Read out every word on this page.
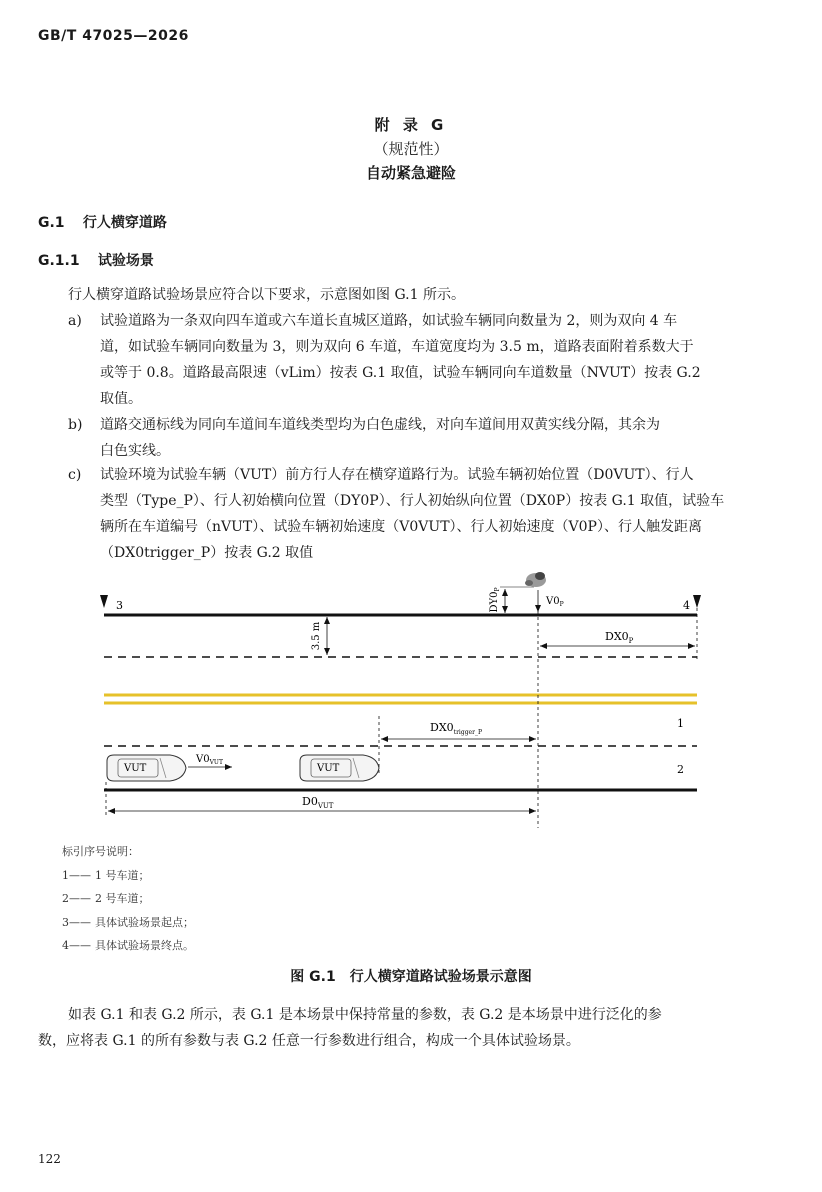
GB/T 47025—2026
附 录 G
（规范性）
自动紧急避险
G.1 行人横穿道路
G.1.1 试验场景
行人横穿道路试验场景应符合以下要求，示意图如图 G.1 所示。
a) 试验道路为一条双向四车道或六车道长直城区道路，如试验车辆同向数量为 2，则为双向 4 车
道，如试验车辆同向数量为 3，则为双向 6 车道，车道宽度均为 3.5 m，道路表面附着系数大于
或等于 0.8。道路最高限速（vLim）按表 G.1 取值，试验车辆同向车道数量（NVUT）按表 G.2
取值。
b) 道路交通标线为同向车道间车道线类型均为白色虚线，对向车道间用双黄实线分隔，其余为
白色实线。
c) 试验环境为试验车辆（VUT）前方行人存在横穿道路行为。试验车辆初始位置（D0VUT）、行人
类型（Type_P）、行人初始横向位置（DY0P）、行人初始纵向位置（DX0P）按表 G.1 取值，试验车
辆所在车道编号（nVUT）、试验车辆初始速度（V0VUT）、行人初始速度（V0P）、行人触发距离
（DX0trigger_P）按表 G.2 取值
3	4
3.5 m
$DY0_P$
$V0_P$
$DX0_P$
$DX0_{trigger\_P}$
1
2
VUT
$V0_{VUT}$
VUT
$D0_{VUT}$
标引序号说明：
1—— 1 号车道；
2—— 2 号车道；
3—— 具体试验场景起点；
4—— 具体试验场景终点。
图 G.1 行人横穿道路试验场景示意图
如表 G.1 和表 G.2 所示，表 G.1 是本场景中保持常量的参数，表 G.2 是本场景中进行泛化的参
数，应将表 G.1 的所有参数与表 G.2 任意一行参数进行组合，构成一个具体试验场景。
122
